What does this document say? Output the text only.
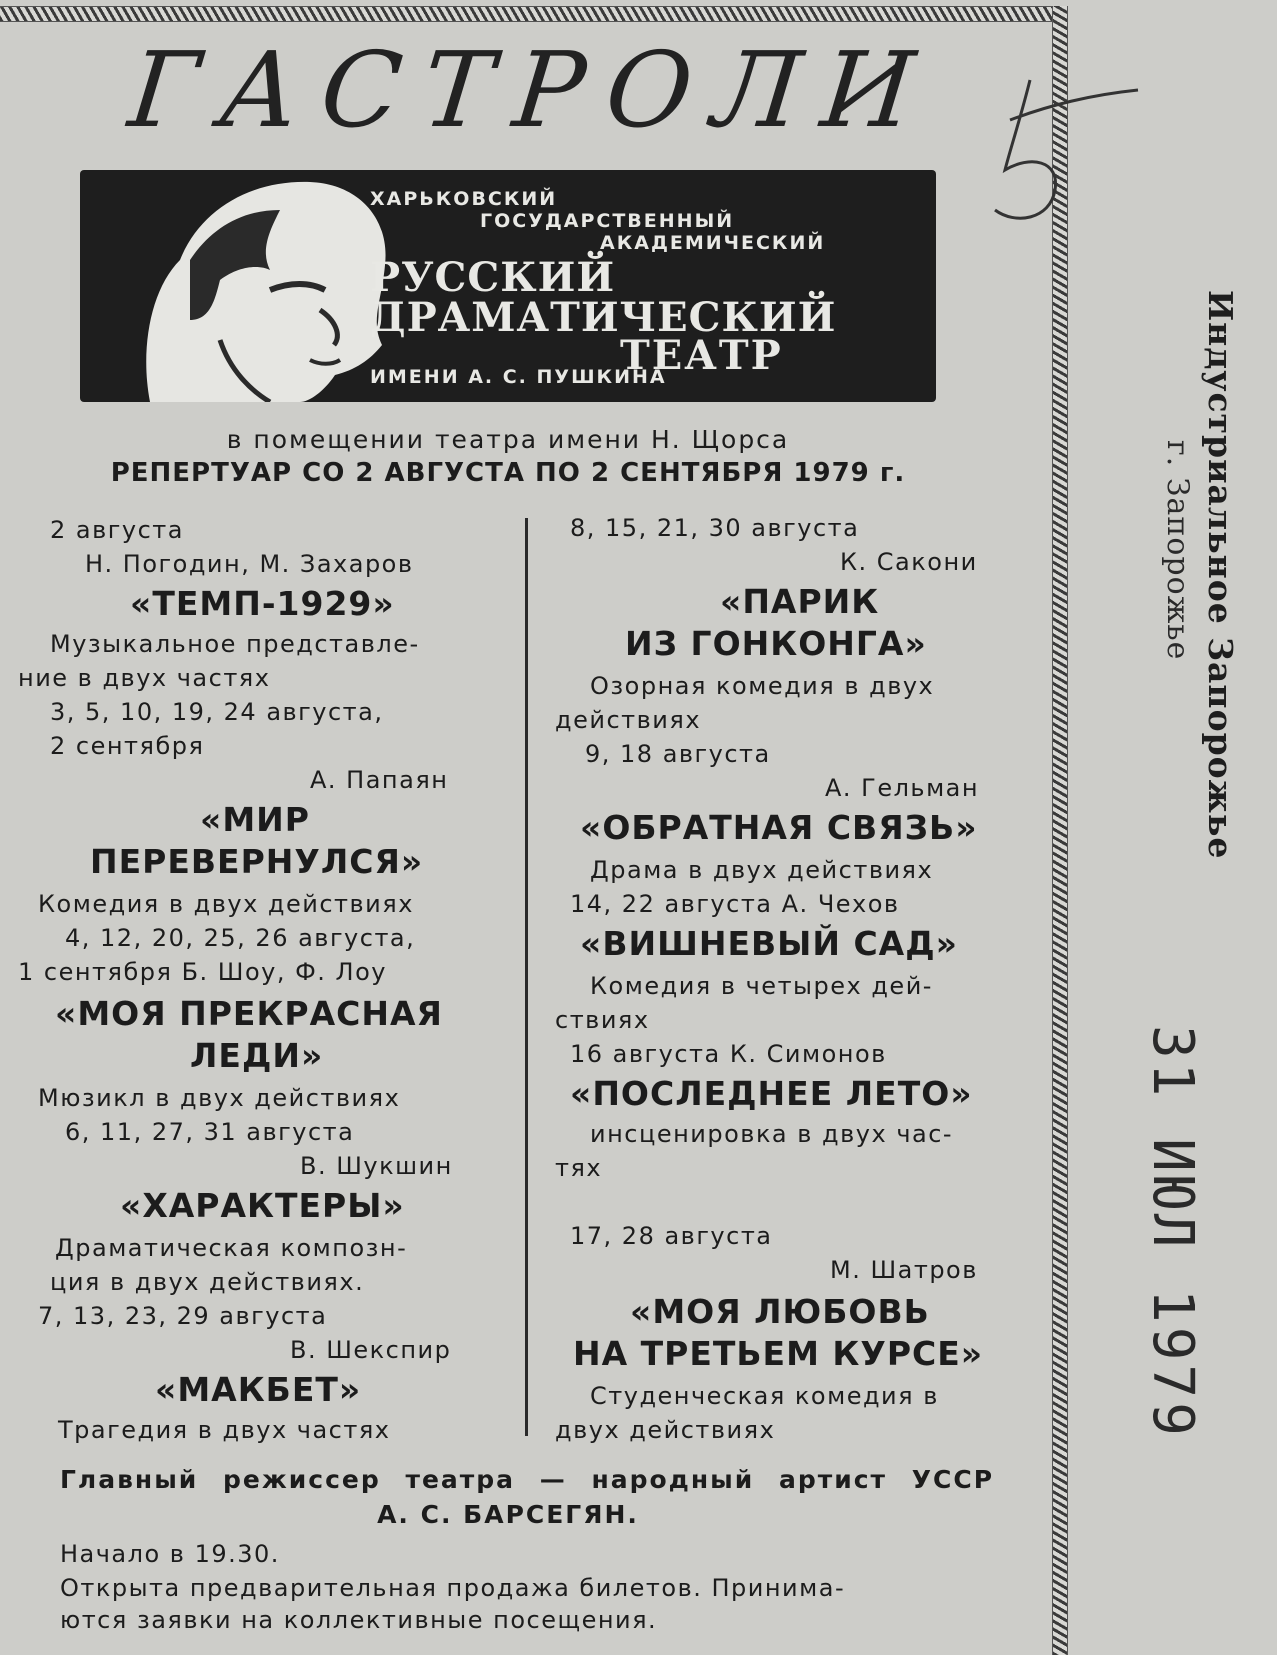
ГАСТРОЛИ
ХАРЬКОВСКИЙ
ГОСУДАРСТВЕННЫЙ
АКАДЕМИЧЕСКИЙ
РУССКИЙ
ДРАМАТИЧЕСКИЙ
ТЕАТР
ИМЕНИ А. С. ПУШКИНА
в помещении театра имени Н. Щорса
РЕПЕРТУАР СО 2 АВГУСТА ПО 2 СЕНТЯБРЯ 1979 г.
2 августа
Н. Погодин, М. Захаров
«ТЕМП-1929»
Музыкальное представле-
ние в двух частях
3, 5, 10, 19, 24 августа,
2 сентября
А. Папаян
«МИР
ПЕРЕВЕРНУЛСЯ»
Комедия в двух действиях
4, 12, 20, 25, 26 августа,
1 сентября Б. Шоу, Ф. Лоу
«МОЯ ПРЕКРАСНАЯ
ЛЕДИ»
Мюзикл в двух действиях
6, 11, 27, 31 августа
В. Шукшин
«ХАРАКТЕРЫ»
Драматическая композн-
ция в двух действиях.
7, 13, 23, 29 августа
В. Шекспир
«МАКБЕТ»
Трагедия в двух частях
8, 15, 21, 30 августа
К. Сакони
«ПАРИК
ИЗ ГОНКОНГА»
Озорная комедия в двух
действиях
9, 18 августа
А. Гельман
«ОБРАТНАЯ СВЯЗЬ»
Драма в двух действиях
14, 22 августа А. Чехов
«ВИШНЕВЫЙ САД»
Комедия в четырех дей-
ствиях
16 августа К. Симонов
«ПОСЛЕДНЕЕ ЛЕТО»
инсценировка в двух час-
тях
17, 28 августа
М. Шатров
«МОЯ ЛЮБОВЬ
НА ТРЕТЬЕМ КУРСЕ»
Студенческая комедия в
двух действиях
Главный режиссер театра — народный артист УССР
А. С. БАРСЕГЯН.
Начало в 19.30.
Открыта предварительная продажа билетов. Принима-
ются заявки на коллективные посещения.
Индустриальное Запорожье
г. Запорожье
31 ИЮЛ 1979
